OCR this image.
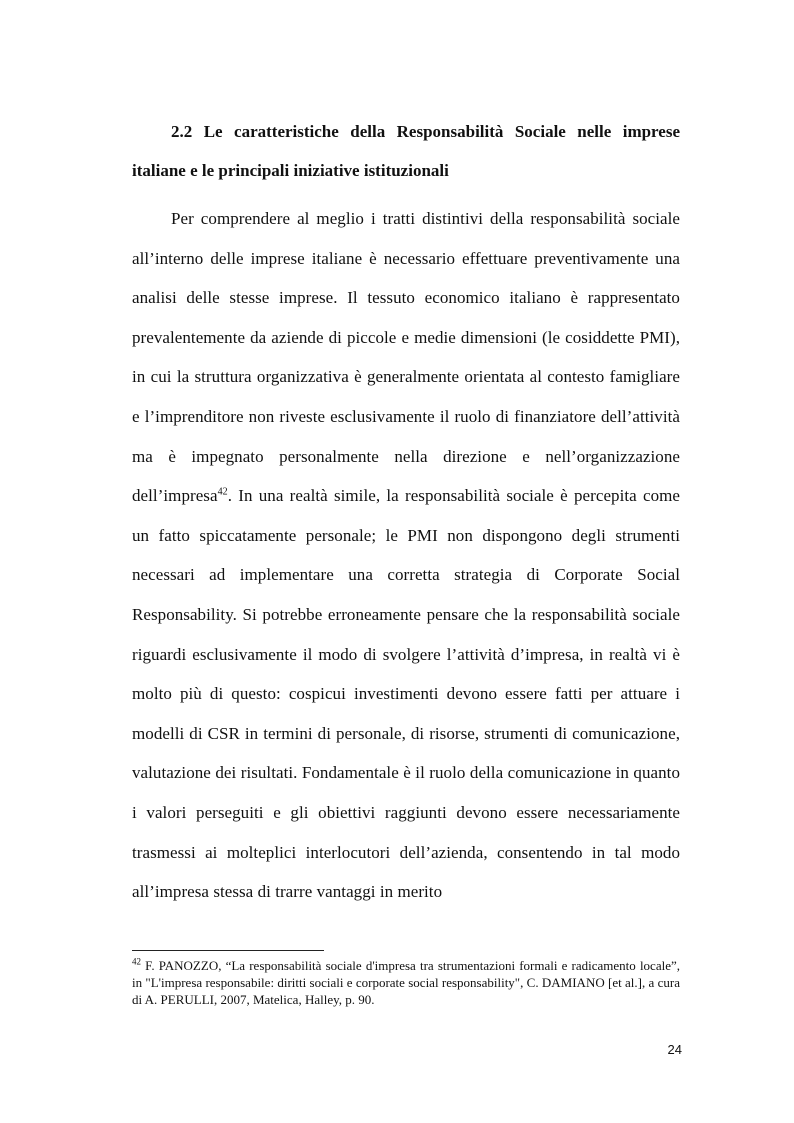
2.2 Le caratteristiche della Responsabilità Sociale nelle imprese italiane e le principali iniziative istituzionali

Per comprendere al meglio i tratti distintivi della responsabilità sociale all’interno delle imprese italiane è necessario effettuare preventivamente una analisi delle stesse imprese. Il tessuto economico italiano è rappresentato prevalentemente da aziende di piccole e medie dimensioni (le cosiddette PMI), in cui la struttura organizzativa è generalmente orientata al contesto famigliare e l’imprenditore non riveste esclusivamente il ruolo di finanziatore dell’attività ma è impegnato personalmente nella direzione e nell’organizzazione dell’impresa$^{42}$. In una realtà simile, la responsabilità sociale è percepita come un fatto spiccatamente personale; le PMI non dispongono degli strumenti necessari ad implementare una corretta strategia di Corporate Social Responsability. Si potrebbe erroneamente pensare che la responsabilità sociale riguardi esclusivamente il modo di svolgere l’attività d’impresa, in realtà vi è molto più di questo: cospicui investimenti devono essere fatti per attuare i modelli di CSR in termini di personale, di risorse, strumenti di comunicazione, valutazione dei risultati. Fondamentale è il ruolo della comunicazione in quanto i valori perseguiti e gli obiettivi raggiunti devono essere necessariamente trasmessi ai molteplici interlocutori dell’azienda, consentendo in tal modo all’impresa stessa di trarre vantaggi in merito

$^{42}$ F. PANOZZO, “La responsabilità sociale d'impresa tra strumentazioni formali e radicamento locale”, in "L'impresa responsabile: diritti sociali e corporate social responsability", C. DAMIANO [et al.], a cura di A. PERULLI, 2007, Matelica, Halley, p. 90.

24
